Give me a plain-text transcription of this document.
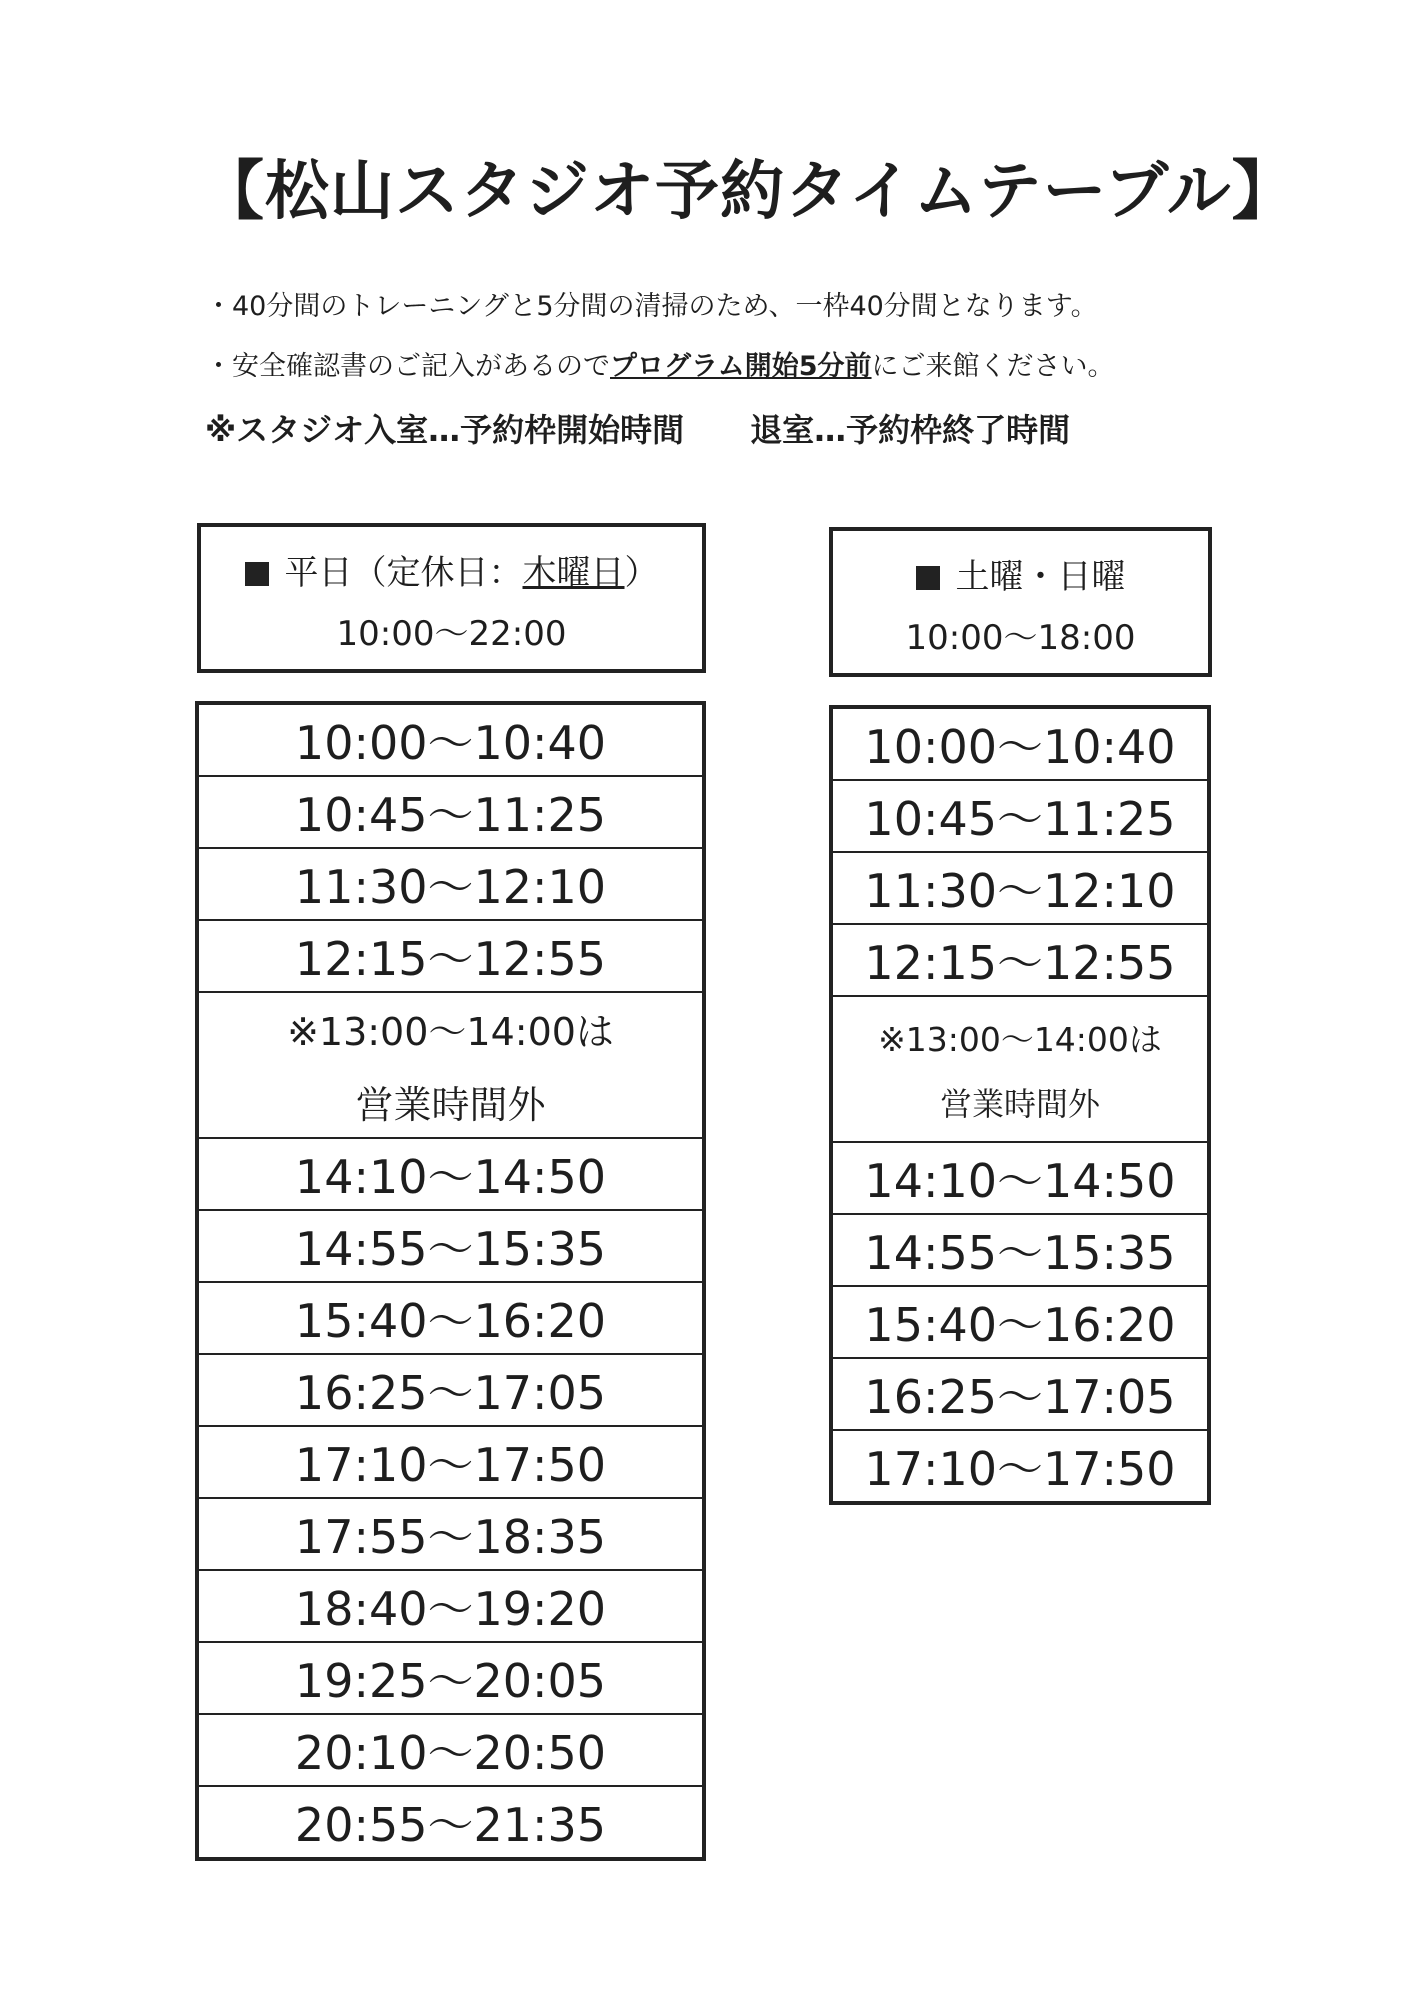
【松山スタジオ予約タイムテーブル】
・40分間のトレーニングと5分間の清掃のため、一枠40分間となります。
・安全確認書のご記入があるのでプログラム開始5分前にご来館ください。
※スタジオ入室…予約枠開始時間 退室…予約枠終了時間
平日（定休日：木曜日）
10:00～22:00
土曜・日曜
10:00～18:00
10:00～10:40
10:45～11:25
11:30～12:10
12:15～12:55
※13:00～14:00は
営業時間外
14:10～14:50
14:55～15:35
15:40～16:20
16:25～17:05
17:10～17:50
17:55～18:35
18:40～19:20
19:25～20:05
20:10～20:50
20:55～21:35
10:00～10:40
10:45～11:25
11:30～12:10
12:15～12:55
※13:00～14:00は
営業時間外
14:10～14:50
14:55～15:35
15:40～16:20
16:25～17:05
17:10～17:50
